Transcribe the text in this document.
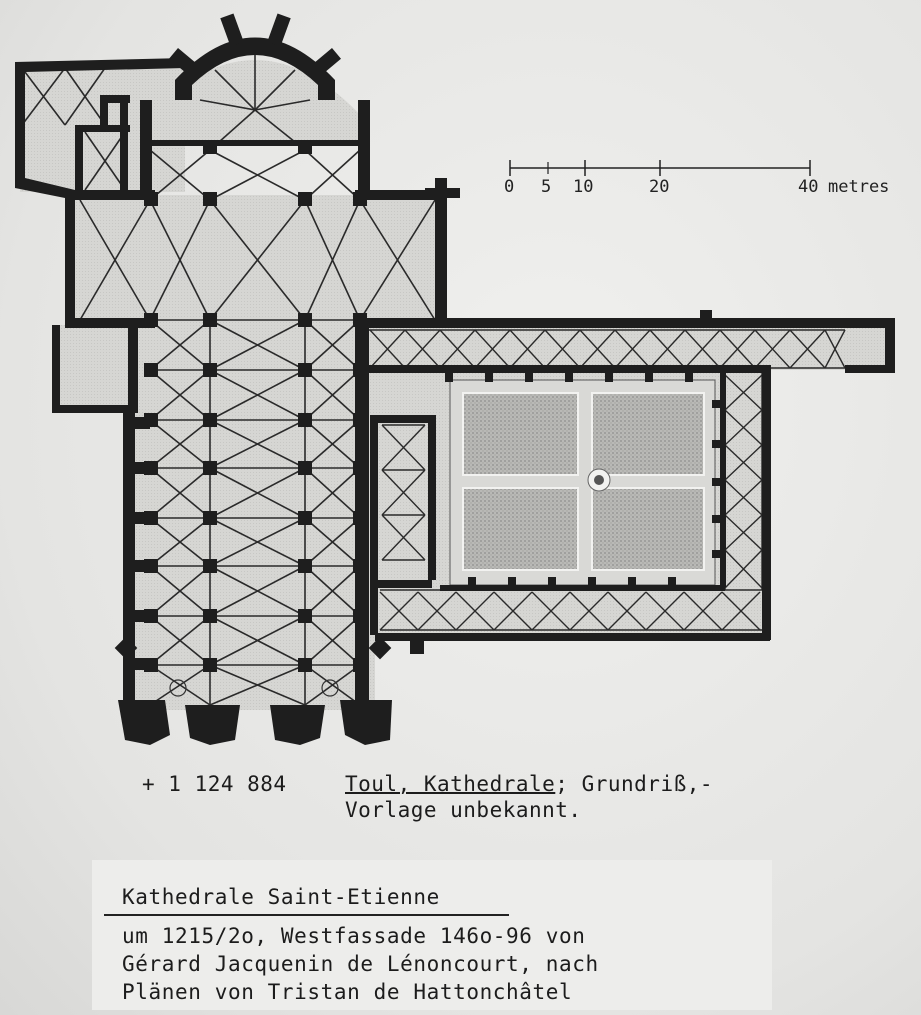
0 5 10	20	40 metres
+ 1 124 884	Toul, Kathedrale; Grundriß,-
Vorlage unbekannt.
Kathedrale Saint-Etienne
um 1215/2o, Westfassade 146o-96 von
Gérard Jacquenin de Lénoncourt, nach
Plänen von Tristan de Hattonchâtel
